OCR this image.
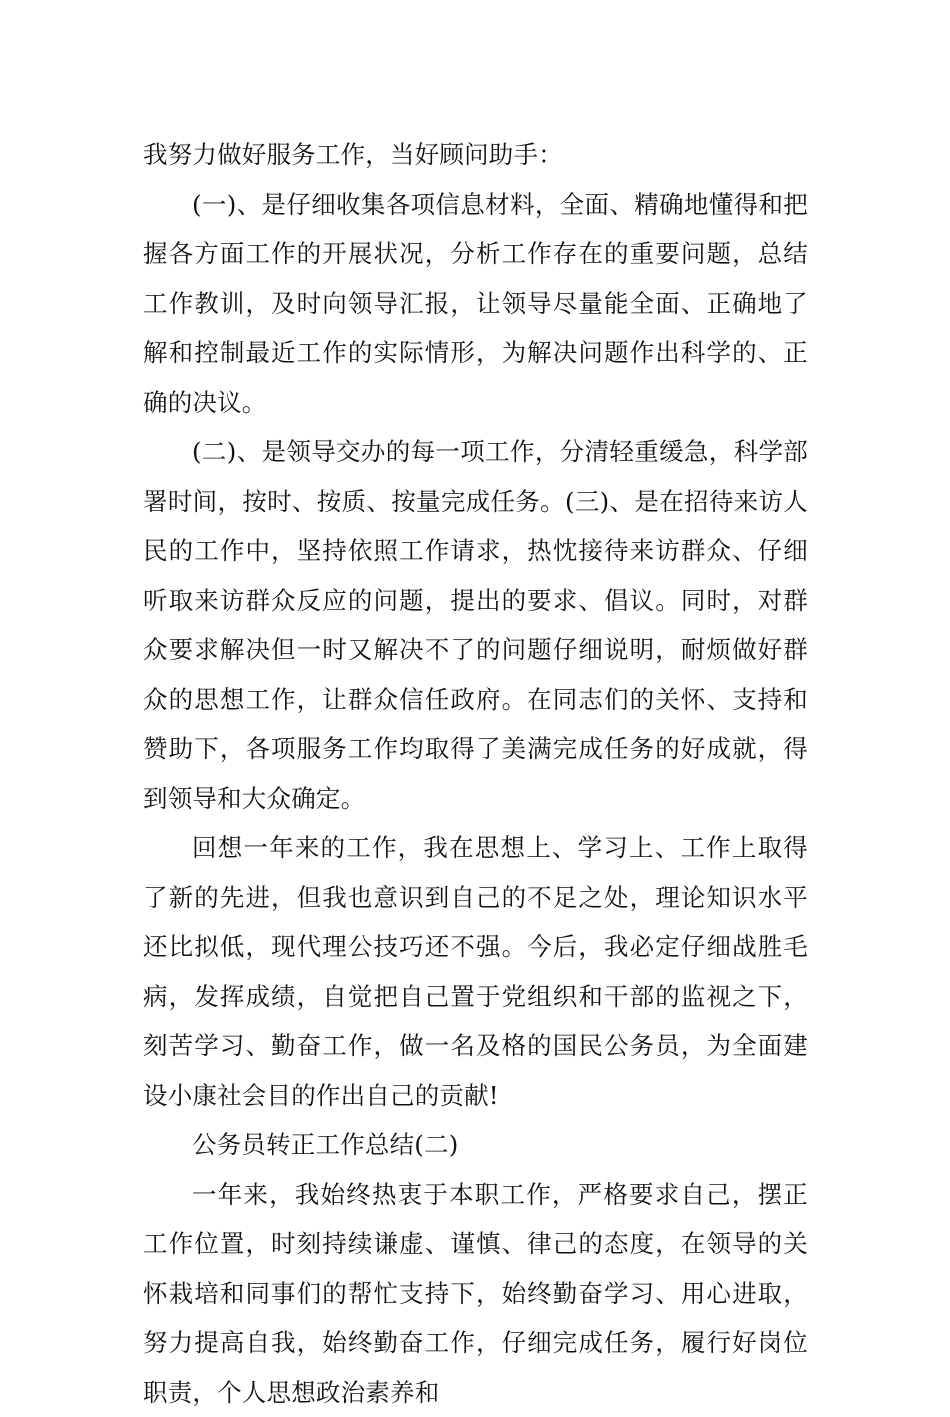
我努力做好服务工作，当好顾问助手：

(一)、是仔细收集各项信息材料，全面、精确地懂得和把握各方面工作的开展状况，分析工作存在的重要问题，总结工作教训，及时向领导汇报，让领导尽量能全面、正确地了解和控制最近工作的实际情形，为解决问题作出科学的、正确的决议。

(二)、是领导交办的每一项工作，分清轻重缓急，科学部署时间，按时、按质、按量完成任务。(三)、是在招待来访人民的工作中，坚持依照工作请求，热忱接待来访群众、仔细听取来访群众反应的问题，提出的要求、倡议。同时，对群众要求解决但一时又解决不了的问题仔细说明，耐烦做好群众的思想工作，让群众信任政府。在同志们的关怀、支持和赞助下，各项服务工作均取得了美满完成任务的好成就，得到领导和大众确定。

回想一年来的工作，我在思想上、学习上、工作上取得了新的先进，但我也意识到自己的不足之处，理论知识水平还比拟低，现代理公技巧还不强。今后，我必定仔细战胜毛病，发挥成绩，自觉把自己置于党组织和干部的监视之下，刻苦学习、勤奋工作，做一名及格的国民公务员，为全面建设小康社会目的作出自己的贡献!

公务员转正工作总结(二)

一年来，我始终热衷于本职工作，严格要求自己，摆正工作位置，时刻持续谦虚、谨慎、律己的态度，在领导的关怀栽培和同事们的帮忙支持下，始终勤奋学习、用心进取，努力提高自我，始终勤奋工作，仔细完成任务，履行好岗位职责，个人思想政治素养和
